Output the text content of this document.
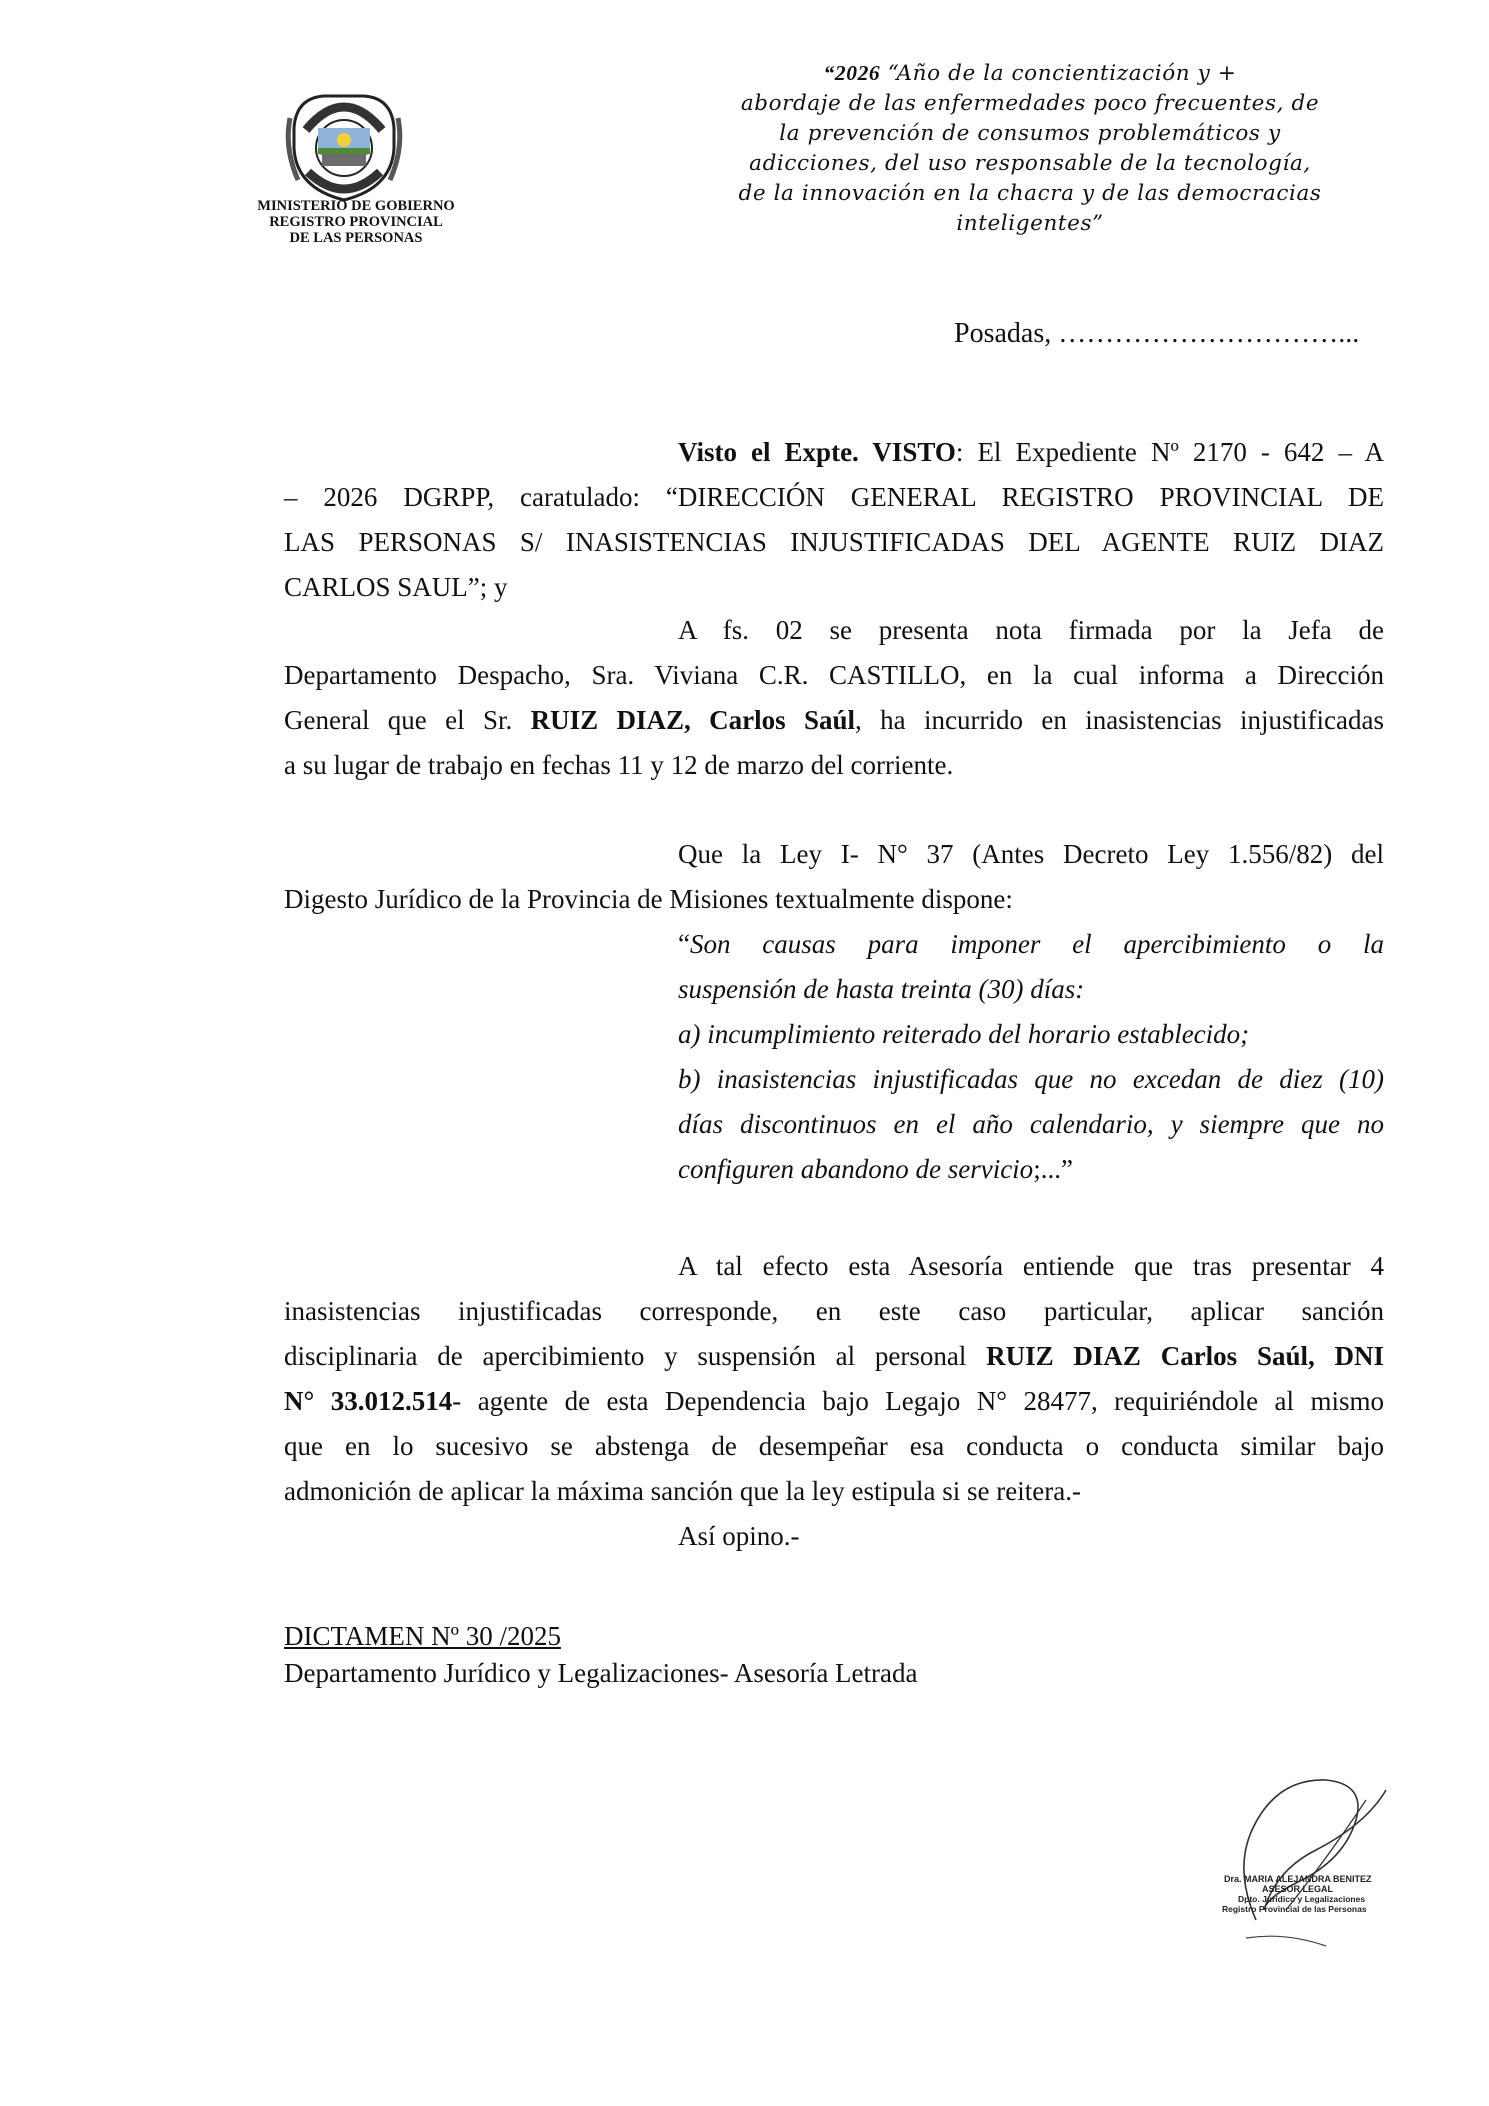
MINISTERIO DE GOBIERNO
REGISTRO PROVINCIAL
DE LAS PERSONAS
“2026 “Año de la concientización y +
abordaje de las enfermedades poco frecuentes, de
la prevención de consumos problemáticos y
adicciones, del uso responsable de la tecnología,
de la innovación en la chacra y de las democracias
inteligentes”
Posadas, …………………………...
Visto el Expte. VISTO: El Expediente Nº 2170 - 642 – A
– 2026 DGRPP, caratulado: “DIRECCIÓN GENERAL REGISTRO PROVINCIAL DE
LAS PERSONAS S/ INASISTENCIAS INJUSTIFICADAS DEL AGENTE RUIZ DIAZ
CARLOS SAUL”; y
A fs. 02 se presenta nota firmada por la Jefa de
Departamento Despacho, Sra. Viviana C.R. CASTILLO, en la cual informa a Dirección
General que el Sr. RUIZ DIAZ, Carlos Saúl, ha incurrido en inasistencias injustificadas
a su lugar de trabajo en fechas 11 y 12 de marzo del corriente.
Que la Ley I- N° 37 (Antes Decreto Ley 1.556/82) del
Digesto Jurídico de la Provincia de Misiones textualmente dispone:
“Son causas para imponer el apercibimiento o la
suspensión de hasta treinta (30) días:
a) incumplimiento reiterado del horario establecido;
b) inasistencias injustificadas que no excedan de diez (10)
días discontinuos en el año calendario, y siempre que no
configuren abandono de servicio;...”
A tal efecto esta Asesoría entiende que tras presentar 4
inasistencias injustificadas corresponde, en este caso particular, aplicar sanción
disciplinaria de apercibimiento y suspensión al personal RUIZ DIAZ Carlos Saúl, DNI
N° 33.012.514- agente de esta Dependencia bajo Legajo N° 28477, requiriéndole al mismo
que en lo sucesivo se abstenga de desempeñar esa conducta o conducta similar bajo
admonición de aplicar la máxima sanción que la ley estipula si se reitera.-
Así opino.-
DICTAMEN Nº 30 /2025
Departamento Jurídico y Legalizaciones- Asesoría Letrada
Dra. MARIA ALEJANDRA BENITEZ
ASESOR LEGAL
Dpto. Jurídico y Legalizaciones
Registro Provincial de las Personas
